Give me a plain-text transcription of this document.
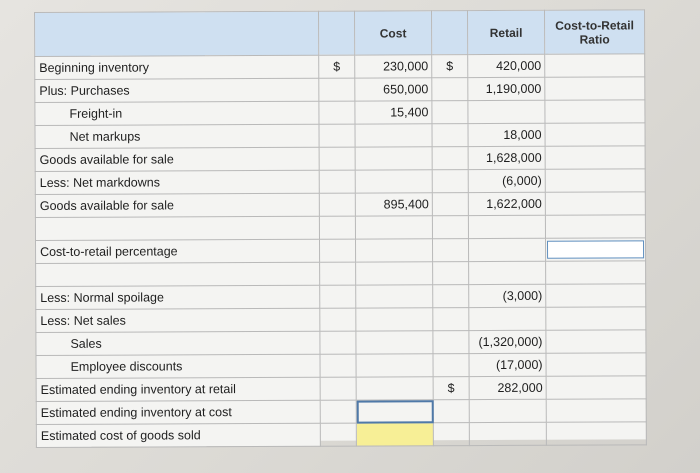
		Cost		Retail	Cost-to-Retail Ratio
Beginning inventory	$	230,000	$	420,000	
Plus: Purchases		650,000		1,190,000	
Freight-in		15,400			
Net markups				18,000	
Goods available for sale				1,628,000	
Less: Net markdowns				(6,000)	
Goods available for sale		895,400		1,622,000	

Cost-to-retail percentage					

Less: Normal spoilage				(3,000)	
Less: Net sales					
Sales				(1,320,000)	
Employee discounts				(17,000)	
Estimated ending inventory at retail			$	282,000	
Estimated ending inventory at cost					
Estimated cost of goods sold					
